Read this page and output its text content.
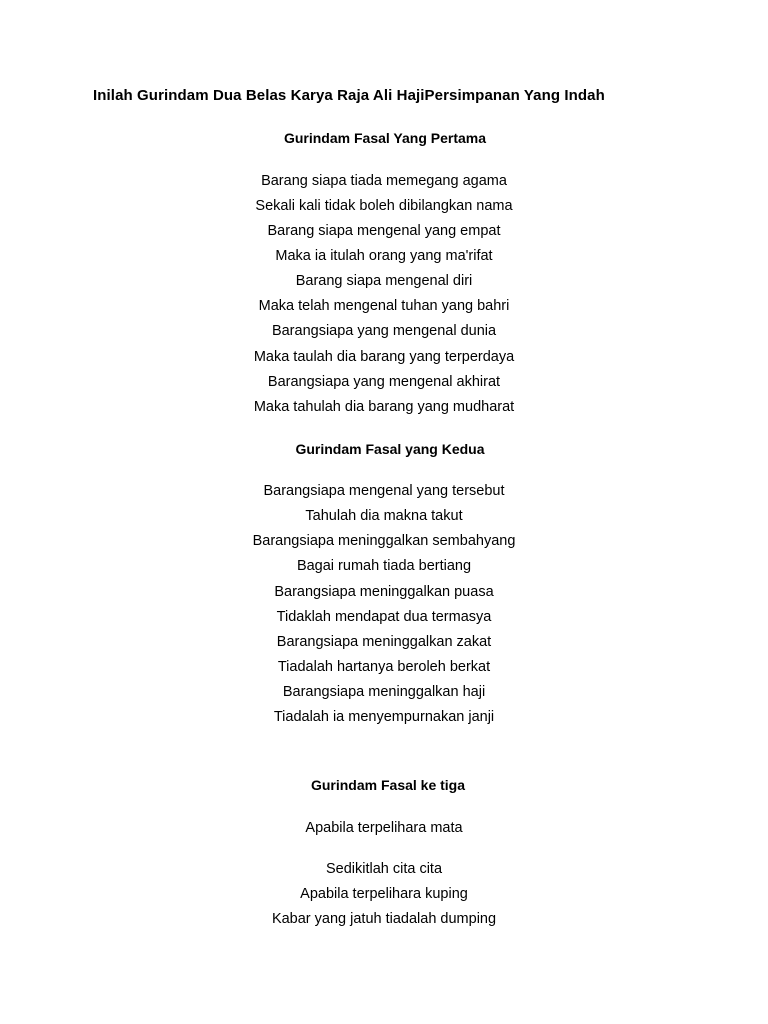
Inilah Gurindam Dua Belas Karya Raja Ali HajiPersimpanan Yang Indah
Gurindam Fasal Yang Pertama
Barang siapa tiada memegang agama
Sekali kali tidak boleh dibilangkan nama
Barang siapa mengenal yang empat
Maka ia itulah orang yang ma'rifat
Barang siapa mengenal diri
Maka telah mengenal tuhan yang bahri
Barangsiapa yang mengenal dunia
Maka taulah dia barang yang terperdaya
Barangsiapa yang mengenal akhirat
Maka tahulah dia barang yang mudharat
Gurindam Fasal yang Kedua
Barangsiapa mengenal yang tersebut
Tahulah dia makna takut
Barangsiapa meninggalkan sembahyang
Bagai rumah tiada bertiang
Barangsiapa meninggalkan puasa
Tidaklah mendapat dua termasya
Barangsiapa meninggalkan zakat
Tiadalah hartanya beroleh berkat
Barangsiapa meninggalkan haji
Tiadalah ia menyempurnakan janji
Gurindam Fasal ke tiga
Apabila terpelihara mata
Sedikitlah cita cita
Apabila terpelihara kuping
Kabar yang jatuh tiadalah dumping
